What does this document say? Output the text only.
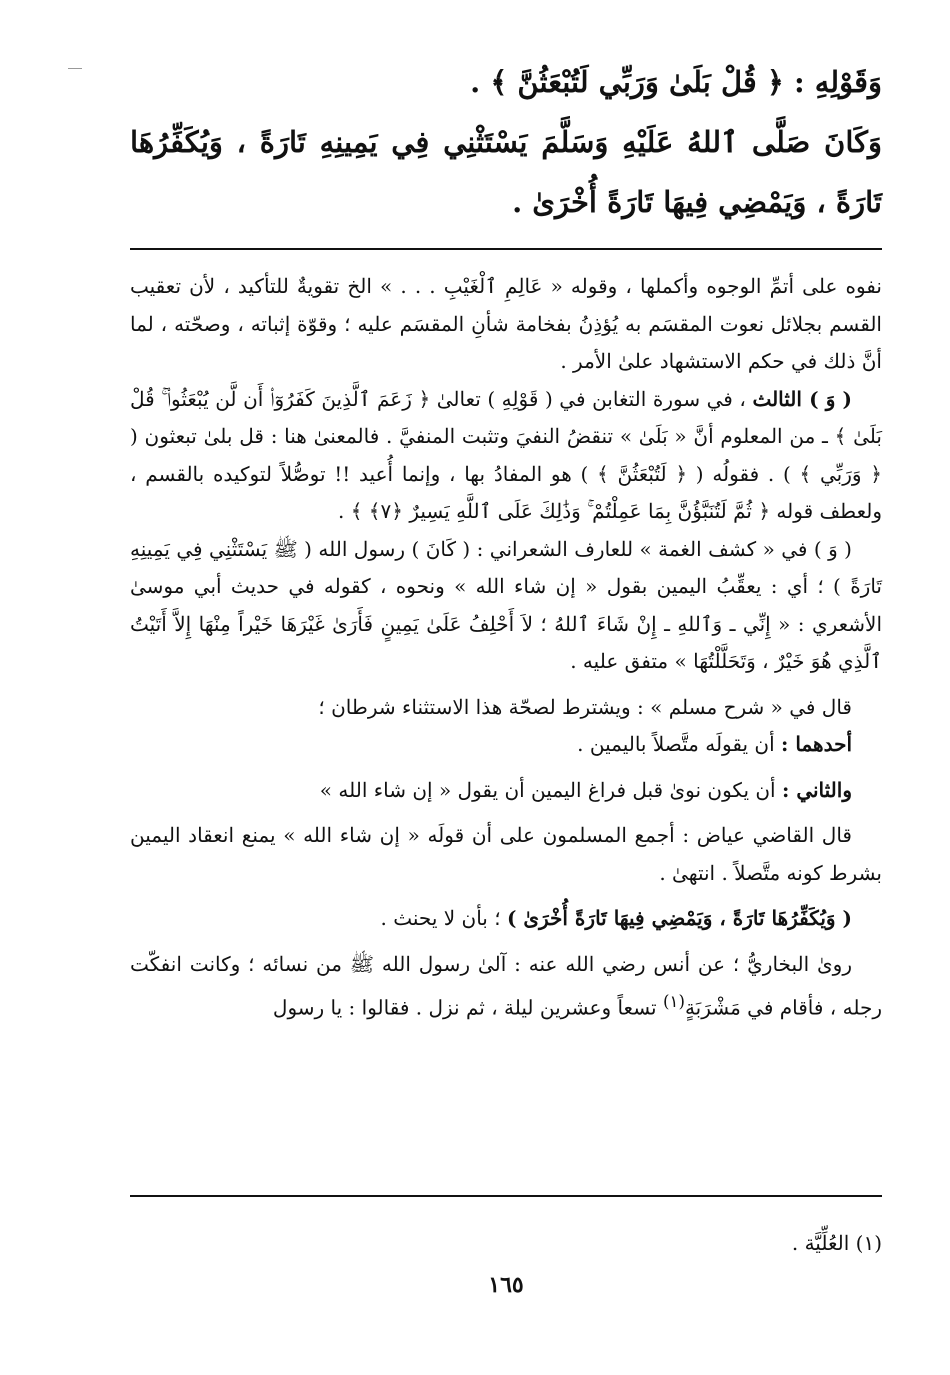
وَقَوْلِهِ : ﴿ قُلْ بَلَىٰ وَرَبِّي لَتُبْعَثُنَّ ﴾ .

وَكَانَ صَلَّى ٱللهُ عَلَيْهِ وَسَلَّمَ يَسْتَثْنِي فِي يَمِينِهِ تَارَةً ، وَيُكَفِّرُهَا تَارَةً ، وَيَمْضِي فِيهَا تَارَةً أُخْرَىٰ .

نفوه على أتمِّ الوجوه وأكملها ، وقوله « عَالِمِ ٱلْغَيْبِ . . . » الخ تقويةٌ للتأكيد ، لأن تعقيب القسم بجلائل نعوت المقسَم به يُؤذِنُ بفخامة شأنِ المقسَم عليه ؛ وقوّة إثباته ، وصحّته ، لما أنَّ ذلك في حكم الاستشهاد علىٰ الأمر .

( وَ ) الثالث ، في سورة التغابن في ( قَوْلِهِ ) تعالىٰ ﴿ زَعَمَ ٱلَّذِينَ كَفَرُوٓا۟ أَن لَّن يُبْعَثُوا۟ ۚ قُلْ بَلَىٰ ﴾ ـ من المعلوم أنَّ « بَلَىٰ » تنقضُ النفيَ وتثبت المنفيَّ . فالمعنىٰ هنا : قل بلىٰ تبعثون ( ﴿ وَرَبِّي ﴾ ) . فقولُه ( ﴿ لَتُبْعَثُنَّ ﴾ ) هو المفادُ بها ، وإنما أُعيد !! توصُّلاً لتوكيده بالقسم ، ولعطف قوله ﴿ ثُمَّ لَتُنَبَّؤُنَّ بِمَا عَمِلْتُمْ ۚ وَذَٰلِكَ عَلَى ٱللَّهِ يَسِيرٌ ﴿٧﴾ ﴾ .

( وَ ) في « كشف الغمة » للعارف الشعراني : ( كَانَ ) رسول الله ( ﷺ يَسْتَثْنِي فِي يَمِينِهِ تَارَةً ) ؛ أي : يعقِّبُ اليمين بقول « إن شاء الله » ونحوه ، كقوله في حديث أبي موسىٰ الأشعري : « إِنِّي ـ وَٱللهِ ـ إِنْ شَاءَ ٱللهُ ؛ لاَ أَحْلِفُ عَلَىٰ يَمِينٍ فَأَرَىٰ غَيْرَهَا خَيْراً مِنْهَا إِلاَّ أَتَيْتُ ٱلَّذِي هُوَ خَيْرٌ ، وَتَحَلَّلْتُهَا » متفق عليه .

قال في « شرح مسلم » : ويشترط لصحّة هذا الاستثناء شرطان ؛

أحدهما : أن يقولَه متَّصلاً باليمين .

والثاني : أن يكون نوىٰ قبل فراغ اليمين أن يقول « إن شاء الله »

قال القاضي عياض : أجمع المسلمون على أن قولَه « إن شاء الله » يمنع انعقاد اليمين بشرط كونه متَّصلاً . انتهىٰ .

( وَيُكَفِّرُهَا تَارَةً ، وَيَمْضِي فِيهَا تَارَةً أُخْرَىٰ ) ؛ بأن لا يحنث .

روىٰ البخاريُّ ؛ عن أنس رضي الله عنه : آلىٰ رسول الله ﷺ من نسائه ؛ وكانت انفكّت رجله ، فأقام في مَشْرَبَةٍ$^{(١)}$ تسعاً وعشرين ليلة ، ثم نزل . فقالوا : يا رسول

(١) العُلِّيَّة .
١٦٥
